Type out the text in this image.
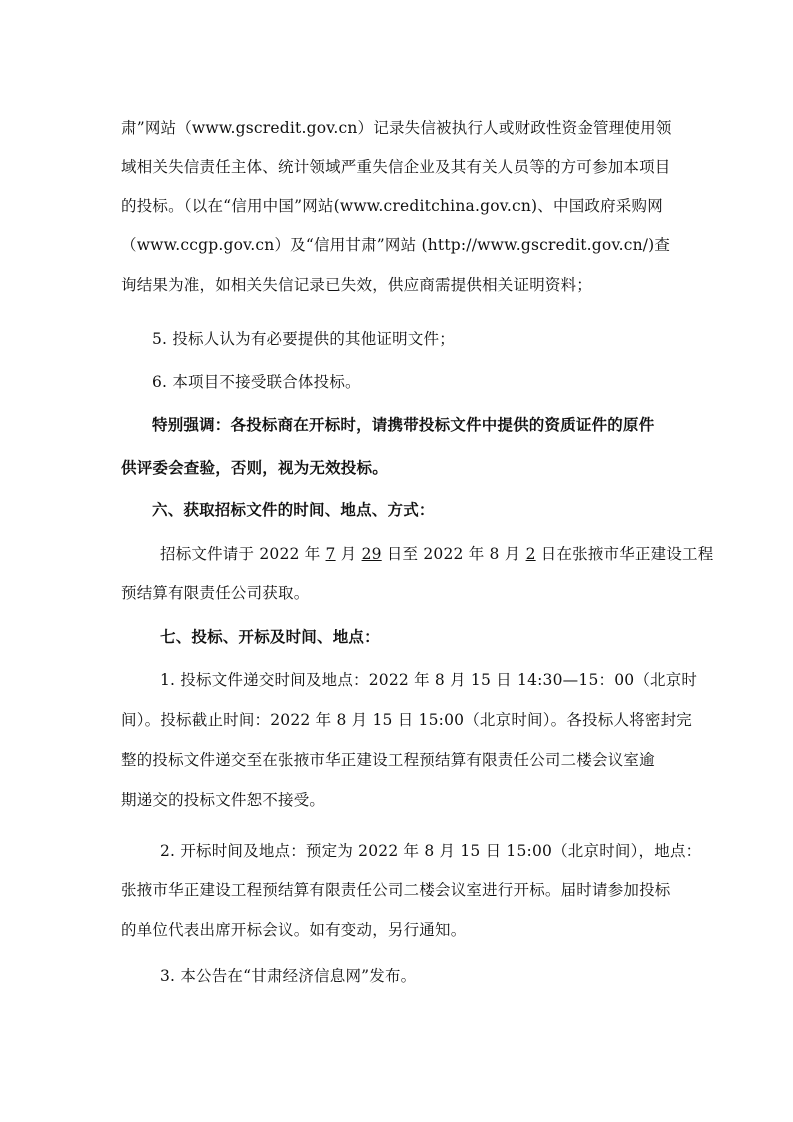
肃”网站（www.gscredit.gov.cn）记录失信被执行人或财政性资金管理使用领
域相关失信责任主体、统计领域严重失信企业及其有关人员等的方可参加本项目
的投标。（以在“信用中国”网站(www.creditchina.gov.cn)、中国政府采购网
（www.ccgp.gov.cn）及“信用甘肃”网站 (http://www.gscredit.gov.cn/)查
询结果为准，如相关失信记录已失效，供应商需提供相关证明资料；
5. 投标人认为有必要提供的其他证明文件；
6. 本项目不接受联合体投标。
特别强调：各投标商在开标时，请携带投标文件中提供的资质证件的原件
供评委会查验，否则，视为无效投标。
六、获取招标文件的时间、地点、方式：
招标文件请于 2022 年 7 月 29 日至 2022 年 8 月 2 日在张掖市华正建设工程
预结算有限责任公司获取。
七、投标、开标及时间、地点：
1. 投标文件递交时间及地点：2022 年 8 月 15 日 14:30—15：00（北京时
间）。投标截止时间：2022 年 8 月 15 日 15:00（北京时间）。各投标人将密封完
整的投标文件递交至在张掖市华正建设工程预结算有限责任公司二楼会议室逾
期递交的投标文件恕不接受。
2. 开标时间及地点：预定为 2022 年 8 月 15 日 15:00（北京时间），地点：
张掖市华正建设工程预结算有限责任公司二楼会议室进行开标。届时请参加投标
的单位代表出席开标会议。如有变动，另行通知。
3. 本公告在“甘肃经济信息网”发布。
